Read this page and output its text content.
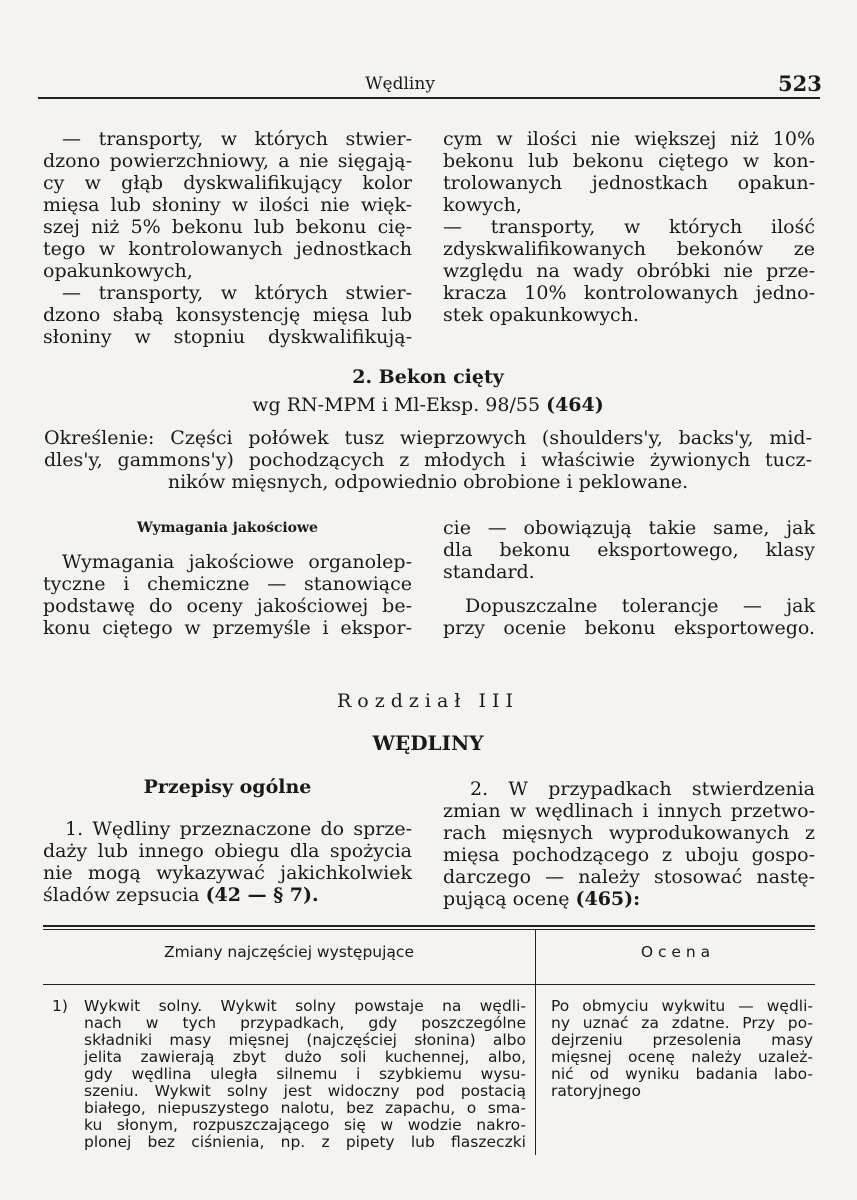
Wędliny	523
— transporty, w których stwier-
dzono powierzchniowy, a nie sięgają-
cy w głąb dyskwalifikujący kolor
mięsa lub słoniny w ilości nie więk-
szej niż 5% bekonu lub bekonu cię-
tego w kontrolowanych jednostkach
opakunkowych,
— transporty, w których stwier-
dzono słabą konsystencję mięsa lub
słoniny w stopniu dyskwalifikują-
cym w ilości nie większej niż 10%
bekonu lub bekonu ciętego w kon-
trolowanych jednostkach opakun-
kowych,
— transporty, w których ilość
zdyskwalifikowanych bekonów ze
względu na wady obróbki nie prze-
kracza 10% kontrolowanych jedno-
stek opakunkowych.
2. Bekon cięty
wg RN-MPM i Ml-Eksp. 98/55 (464)
Określenie: Części połówek tusz wieprzowych (shoulders'y, backs'y, mid-
dles'y, gammons'y) pochodzących z młodych i właściwie żywionych tucz-
ników mięsnych, odpowiednio obrobione i peklowane.
Wymagania jakościowe
Wymagania jakościowe organolep-
tyczne i chemiczne — stanowiące
podstawę do oceny jakościowej be-
konu ciętego w przemyśle i ekspor-
cie — obowiązują takie same, jak
dla bekonu eksportowego, klasy
standard.
Dopuszczalne tolerancje — jak
przy ocenie bekonu eksportowego.
Rozdział III
WĘDLINY
Przepisy ogólne
1. Wędliny przeznaczone do sprze-
daży lub innego obiegu dla spożycia
nie mogą wykazywać jakichkolwiek
śladów zepsucia (42 — § 7).
2. W przypadkach stwierdzenia
zmian w wędlinach i innych przetwo-
rach mięsnych wyprodukowanych z
mięsa pochodzącego z uboju gospo-
darczego — należy stosować nastę-
pującą ocenę (465):
Zmiany najczęściej występujące	O c e n a
1) Wykwit solny. Wykwit solny powstaje na wędli-
nach w tych przypadkach, gdy poszczególne
składniki masy mięsnej (najczęściej słonina) albo
jelita zawierają zbyt dużo soli kuchennej, albo,
gdy wędlina uległa silnemu i szybkiemu wysu-
szeniu. Wykwit solny jest widoczny pod postacią
białego, niepuszystego nalotu, bez zapachu, o sma-
ku słonym, rozpuszczającego się w wodzie nakro-
plonej bez ciśnienia, np. z pipety lub flaszeczki
Po obmyciu wykwitu — wędli-
ny uznać za zdatne. Przy po-
dejrzeniu przesolenia masy
mięsnej ocenę należy uzależ-
nić od wyniku badania labo-
ratoryjnego
